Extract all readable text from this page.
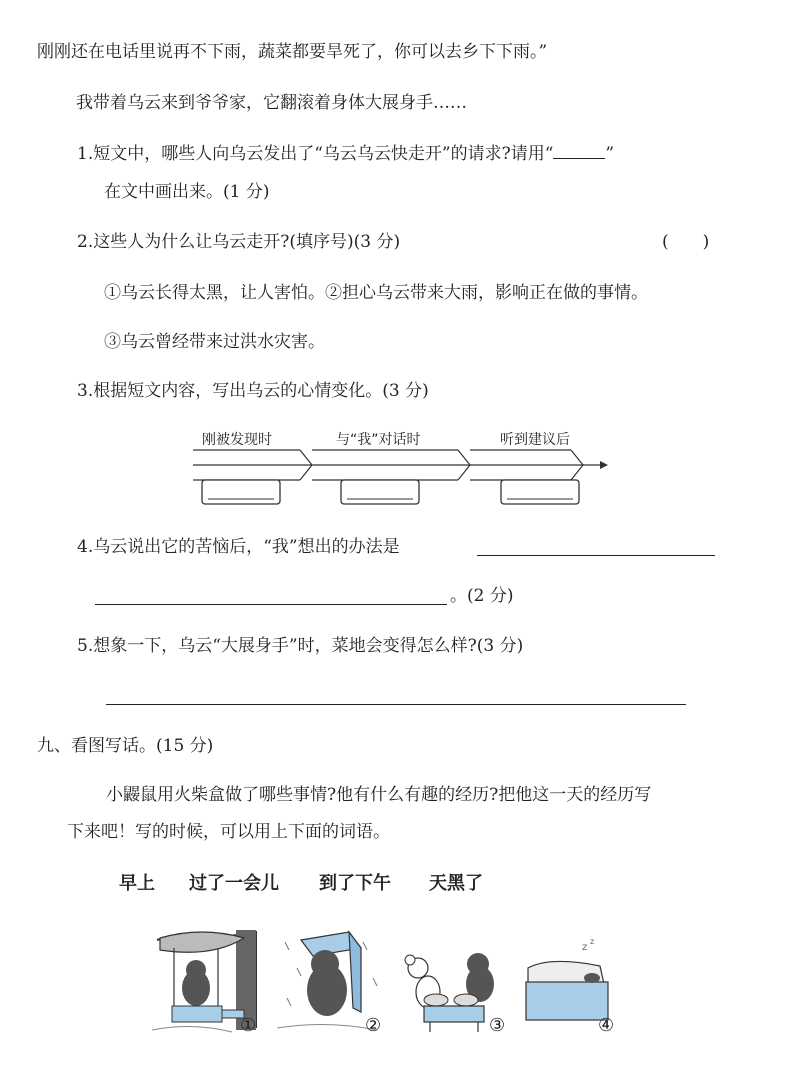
刚刚还在电话里说再不下雨，蔬菜都要旱死了，你可以去乡下下雨。”
我带着乌云来到爷爷家，它翻滚着身体大展身手……
1.短文中，哪些人向乌云发出了“乌云乌云快走开”的请求?请用“	”
在文中画出来。(1 分)
2.这些人为什么让乌云走开?(填序号)(3 分)	(　　)
①乌云长得太黑，让人害怕。②担心乌云带来大雨，影响正在做的事情。
③乌云曾经带来过洪水灾害。
3.根据短文内容，写出乌云的心情变化。(3 分)
刚被发现时	与“我”对话时	听到建议后
4.乌云说出它的苦恼后，“我”想出的办法是
。(2 分)
5.想象一下，乌云“大展身手”时，菜地会变得怎么样?(3 分)
九、看图写话。(15 分)
小鼹鼠用火柴盒做了哪些事情?他有什么有趣的经历?把他这一天的经历写
下来吧！写的时候，可以用上下面的词语。
早上 过了一会儿 到了下午 天黑了
①	②	③
z
z
④
